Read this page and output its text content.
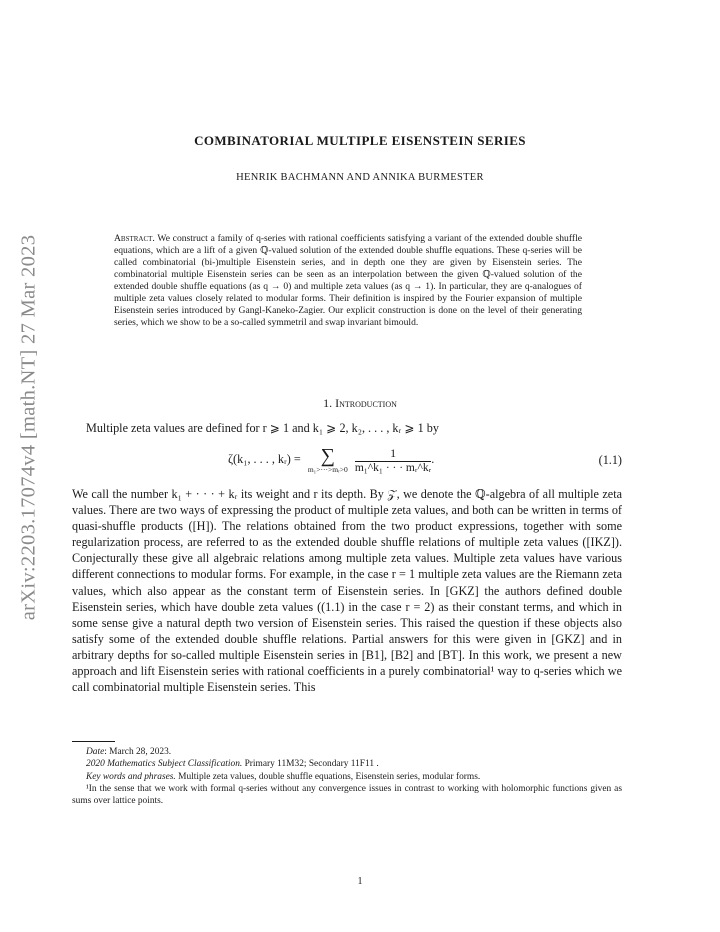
arXiv:2203.17074v4 [math.NT] 27 Mar 2023
COMBINATORIAL MULTIPLE EISENSTEIN SERIES

HENRIK BACHMANN AND ANNIKA BURMESTER

Abstract. We construct a family of q-series with rational coefficients satisfying a variant of the extended double shuffle equations, which are a lift of a given ℚ-valued solution of the extended double shuffle equations. These q-series will be called combinatorial (bi-)multiple Eisenstein series, and in depth one they are given by Eisenstein series. The combinatorial multiple Eisenstein series can be seen as an interpolation between the given ℚ-valued solution of the extended double shuffle equations (as q → 0) and multiple zeta values (as q → 1). In particular, they are q-analogues of multiple zeta values closely related to modular forms. Their definition is inspired by the Fourier expansion of multiple Eisenstein series introduced by Gangl-Kaneko-Zagier. Our explicit construction is done on the level of their generating series, which we show to be a so-called symmetril and swap invariant bimould.

1. Introduction

Multiple zeta values are defined for r ⩾ 1 and k₁ ⩾ 2, k₂, . . . , kᵣ ⩾ 1 by

ζ(k₁, . . . , kᵣ) = ∑
m₁>···>mᵣ>0
$\frac{1}{\text{m₁\textasciicircum{}k₁ · · · mᵣ\textasciicircum{}kᵣ}}$ .	(1.1)

We call the number k₁ + · · · + kᵣ its weight and r its depth. By 𝒵, we denote the ℚ-algebra of all multiple zeta values. There are two ways of expressing the product of multiple zeta values, and both can be written in terms of quasi-shuffle products ([H]). The relations obtained from the two product expressions, together with some regularization process, are referred to as the extended double shuffle relations of multiple zeta values ([IKZ]). Conjecturally these give all algebraic relations among multiple zeta values. Multiple zeta values have various different connections to modular forms. For example, in the case r = 1 multiple zeta values are the Riemann zeta values, which also appear as the constant term of Eisenstein series. In [GKZ] the authors defined double Eisenstein series, which have double zeta values ((1.1) in the case r = 2) as their constant terms, and which in some sense give a natural depth two version of Eisenstein series. This raised the question if these objects also satisfy some of the extended double shuffle relations. Partial answers for this were given in [GKZ] and in arbitrary depths for so-called multiple Eisenstein series in [B1], [B2] and [BT]. In this work, we present a new approach and lift Eisenstein series with rational coefficients in a purely combinatorial¹ way to q-series which we call combinatorial multiple Eisenstein series. This

Date: March 28, 2023.

2020 Mathematics Subject Classification. Primary 11M32; Secondary 11F11 .

Key words and phrases. Multiple zeta values, double shuffle equations, Eisenstein series, modular forms.

¹In the sense that we work with formal q-series without any convergence issues in contrast to working with holomorphic functions given as sums over lattice points.

1
